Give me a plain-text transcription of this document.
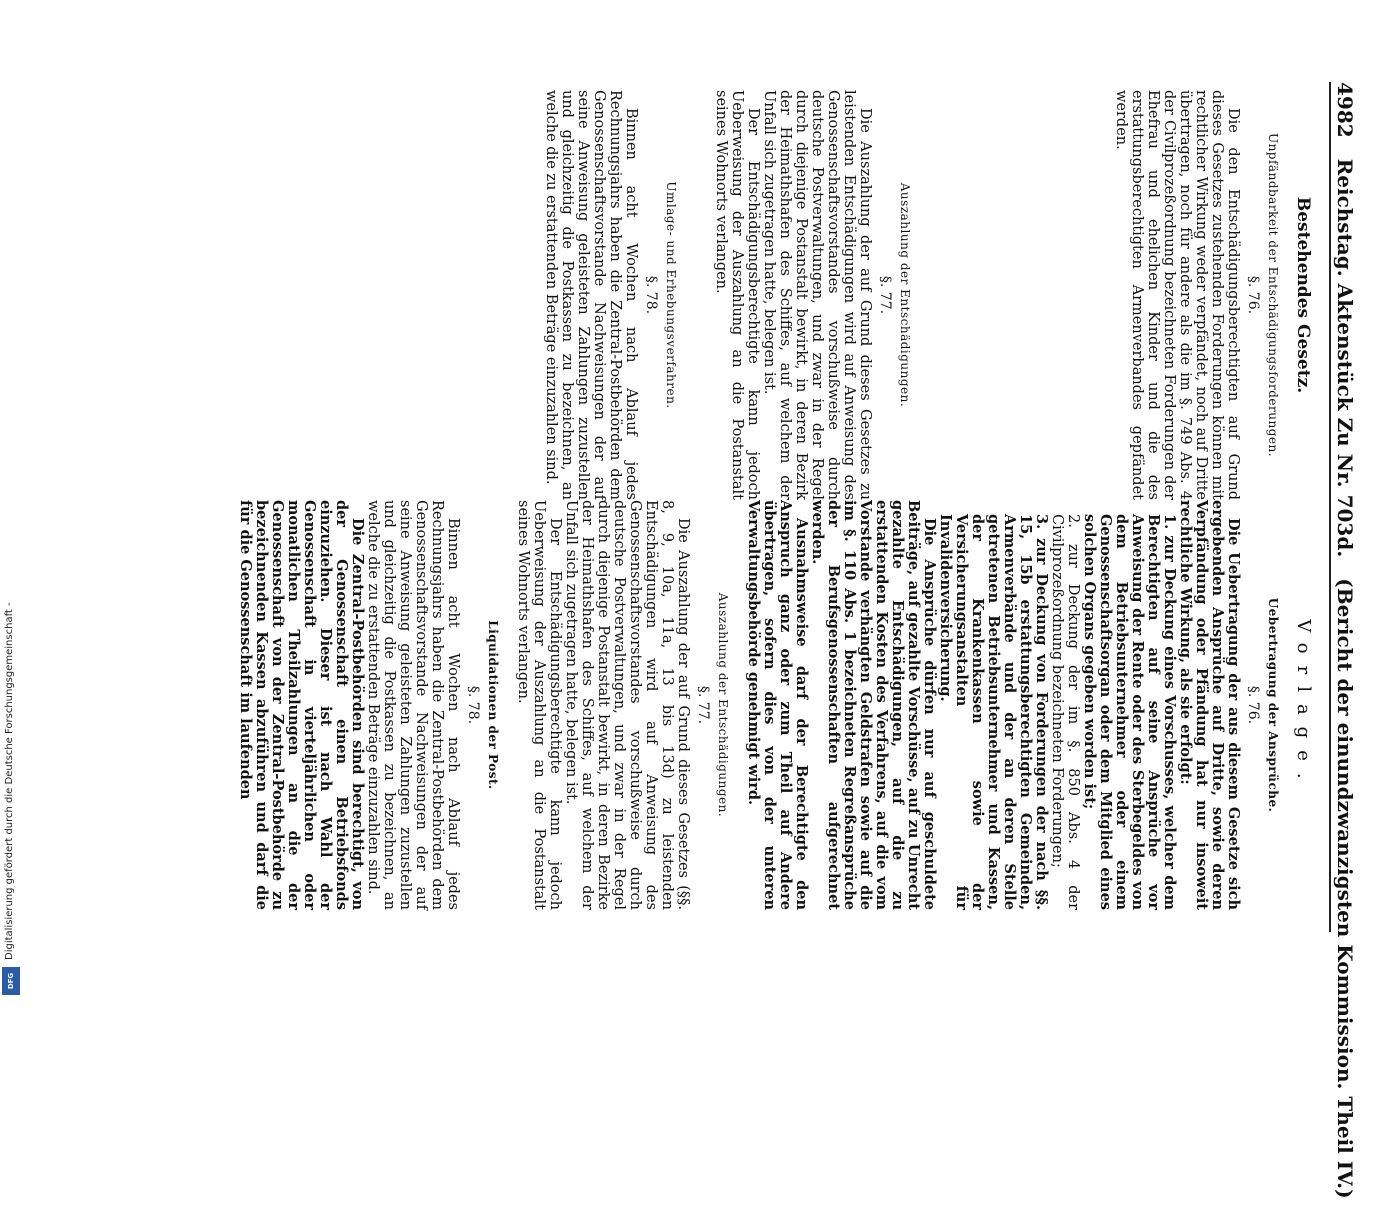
4982 Reichstag. Aktenstück Zu Nr. 703d. (Bericht der einundzwanzigsten Kommission. Theil IV.)
Bestehendes Gesetz.
Unpfändbarkeit der Entschädigungsforderungen.
§. 76.

Die den Entschädigungsberechtigten auf Grund dieses Gesetzes zustehenden Forderungen können mit rechtlicher Wirkung weder verpfändet, noch auf Dritte übertragen, noch für andere als die im §. 749 Abs. 4 der Civilprozeßordnung bezeichneten Forderungen der Ehefrau und ehelichen Kinder und die des erstattungsberechtigten Armenverbandes gepfändet werden.

Auszahlung der Entschädigungen.
§. 77.

Die Auszahlung der auf Grund dieses Gesetzes zu leistenden Entschädigungen wird auf Anweisung des Genossenschaftsvorstandes vorschußweise durch deutsche Postverwaltungen, und zwar in der Regel durch diejenige Postanstalt bewirkt, in deren Bezirk der Heimathshafen des Schiffes, auf welchem der Unfall sich zugetragen hatte, belegen ist.

Der Entschädigungsberechtigte kann jedoch Ueberweisung der Auszahlung an die Postanstalt seines Wohnorts verlangen.

Umlage- und Erhebungsverfahren.
§. 78.

Binnen acht Wochen nach Ablauf jedes Rechnungsjahrs haben die Zentral-Postbehörden dem Genossenschaftsvorstande Nachweisungen der auf seine Anweisung geleisteten Zahlungen zuzustellen und gleichzeitig die Postkassen zu bezeichnen, an welche die zu erstattenden Beträge einzuzahlen sind.

Vorlage.
Uebertragung der Ansprüche.
§. 76.

Die Uebertragung der aus diesem Gesetze sich ergebenden Ansprüche auf Dritte, sowie deren Verpfändung oder Pfändung hat nur insoweit rechtliche Wirkung, als sie erfolgt:

1. zur Deckung eines Vorschusses, welcher dem Berechtigten auf seine Ansprüche vor Anweisung der Rente oder des Sterbegeldes von dem Betriebsunternehmer oder einem Genossenschaftsorgan oder dem Mitglied eines solchen Organs gegeben worden ist;

2. zur Deckung der im §. 850 Abs. 4 der Civilprozeßordnung bezeichneten Forderungen;

3. zur Deckung von Forderungen der nach §§. 15, 15b erstattungsberechtigten Gemeinden, Armenverbände und der an deren Stelle getretenen Betriebsunternehmer und Kassen, der Krankenkassen sowie der Versicherungsanstalten für Invalidenversicherung.

Die Ansprüche dürfen nur auf geschuldete Beiträge, auf gezahlte Vorschüsse, auf zu Unrecht gezahlte Entschädigungen, auf die zu erstattenden Kosten des Verfahrens, auf die vom Vorstande verhängten Geldstrafen sowie auf die im §. 110 Abs. 1 bezeichneten Regreßansprüche der Berufsgenossenschaften aufgerechnet werden.

Ausnahmsweise darf der Berechtigte den Anspruch ganz oder zum Theil auf Andere übertragen, sofern dies von der unteren Verwaltungsbehörde genehmigt wird.

Auszahlung der Entschädigungen.
§. 77.

Die Auszahlung der auf Grund dieses Gesetzes (§§. 8, 9, 10a, 11a, 13 bis 13d) zu leistenden Entschädigungen wird auf Anweisung des Genossenschaftsvorstandes vorschußweise durch deutsche Postverwaltungen, und zwar in der Regel durch diejenige Postanstalt bewirkt, in deren Bezirke der Heimathshafen des Schiffes, auf welchem der Unfall sich zugetragen hatte, belegen ist.

Der Entschädigungsberechtigte kann jedoch Ueberweisung der Auszahlung an die Postanstalt seines Wohnorts verlangen.

Liquidationen der Post.
§. 78.

Binnen acht Wochen nach Ablauf jedes Rechnungsjahrs haben die Zentral-Postbehörden dem Genossenschaftsvorstande Nachweisungen der auf seine Anweisung geleisteten Zahlungen zuzustellen und gleichzeitig die Postkassen zu bezeichnen, an welche die zu erstattenden Beträge einzuzahlen sind.

Die Zentral-Postbehörden sind berechtigt, von der Genossenschaft einen Betriebsfonds einzuziehen. Dieser ist nach Wahl der Genossenschaft in vierteljährlichen oder monatlichen Theilzahlungen an die der Genossenschaft von der Zentral-Postbehörde zu bezeichnenden Kassen abzuführen und darf die für die Genossenschaft im laufenden

Digitalisierung gefördert durch die Deutsche Forschungsgemeinschaft -
DFG
